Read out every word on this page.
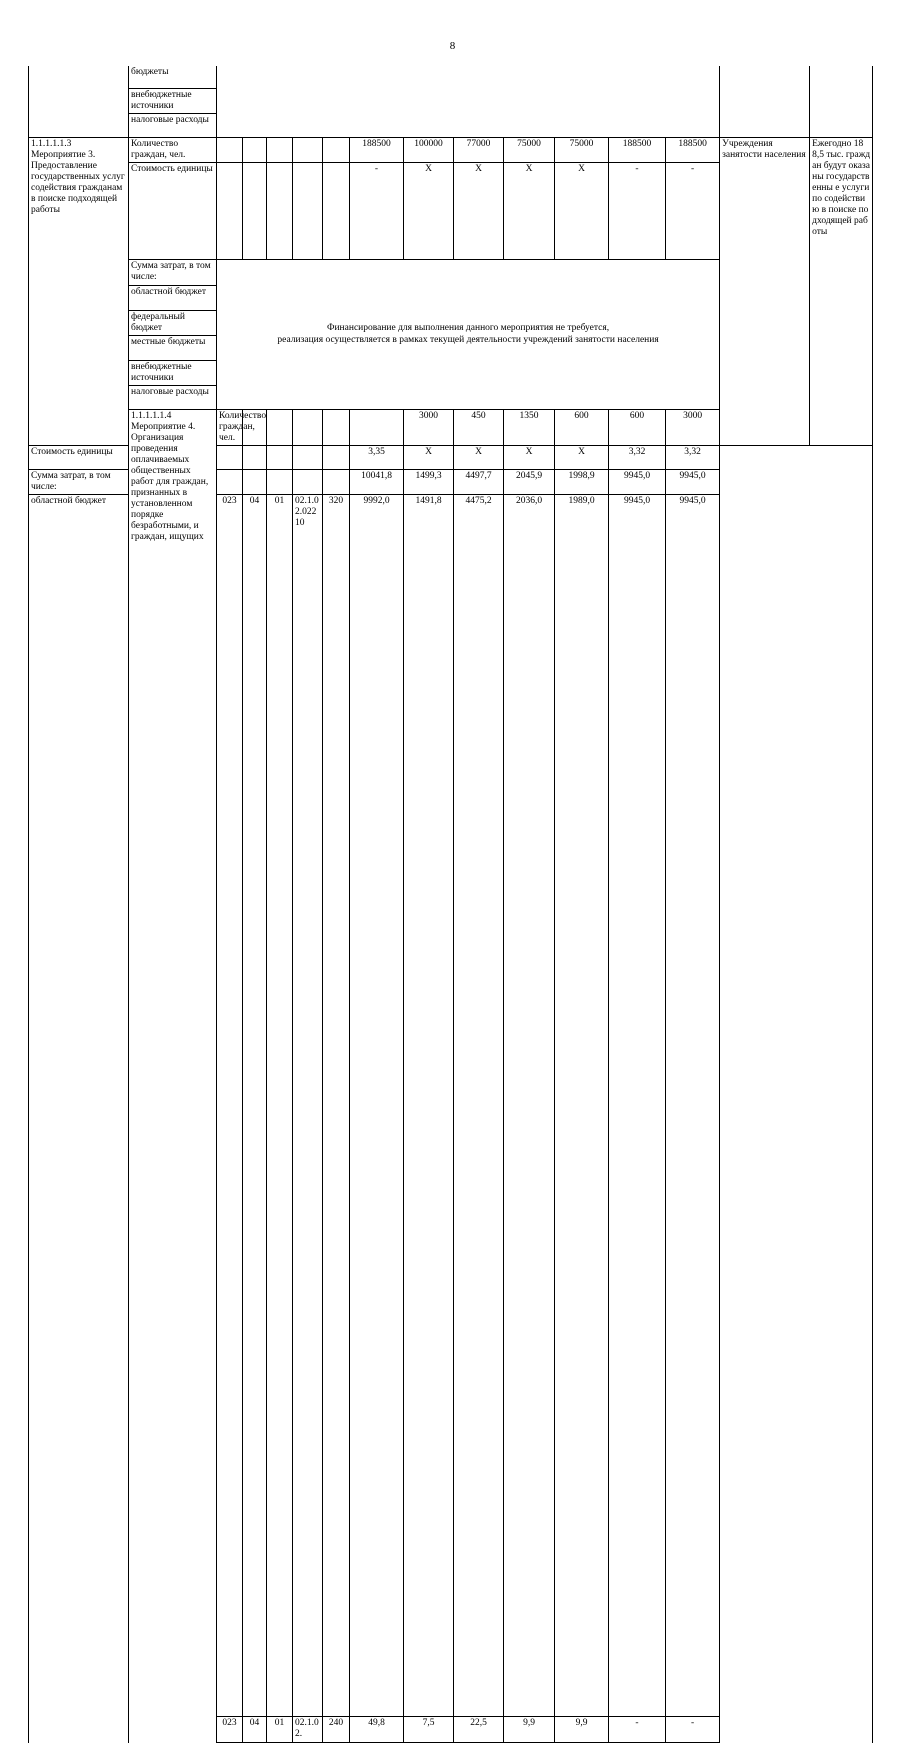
8
	бюджеты															
	внебюджетные источники															
	налоговые расходы															
1.1.1.1.1.3 Мероприятие 3. Предоставление государственных услуг содействия гражданам в поиске подходящей работы	Количество граждан, чел.						188500	100000	77000	75000	75000	188500	188500	Учреждения занятости населения	Ежегодно 188,5 тыс. граждан будут оказаны государственны е услуги по содействию в поиске подходящей работы	
	Стоимость единицы						-	X	X	X	X	-	-			
	Сумма затрат, в том числе:	Финансирование для выполнения данного мероприятия не требуется,
реализация осуществляется в рамках текущей деятельности учреждений занятости населения														

	областной бюджет															
	федеральный бюджет															
	местные бюджеты															
	внебюджетные источники															
	налоговые расходы															
	1.1.1.1.1.4 Мероприятие 4. Организация проведения оплачиваемых общественных работ для граждан, признанных в установленном порядке безработными, и граждан, ищущих	Количество граждан, чел.						3000	450	1350	600	600	3000			
Стоимость единицы							3,35	X	X	X	X	3,32	3,32			
Сумма затрат, в том числе:							10041,8	1499,3	4497,7	2045,9	1998,9	9945,0	9945,0			
областной бюджет		023	04	01	02.1.02.02210	320	9992,0	1491,8	4475,2	2036,0	1989,0	9945,0	9945,0			
		023	04	01	02.1.02.	240	49,8	7,5	22,5	9,9	9,9	-	-			
